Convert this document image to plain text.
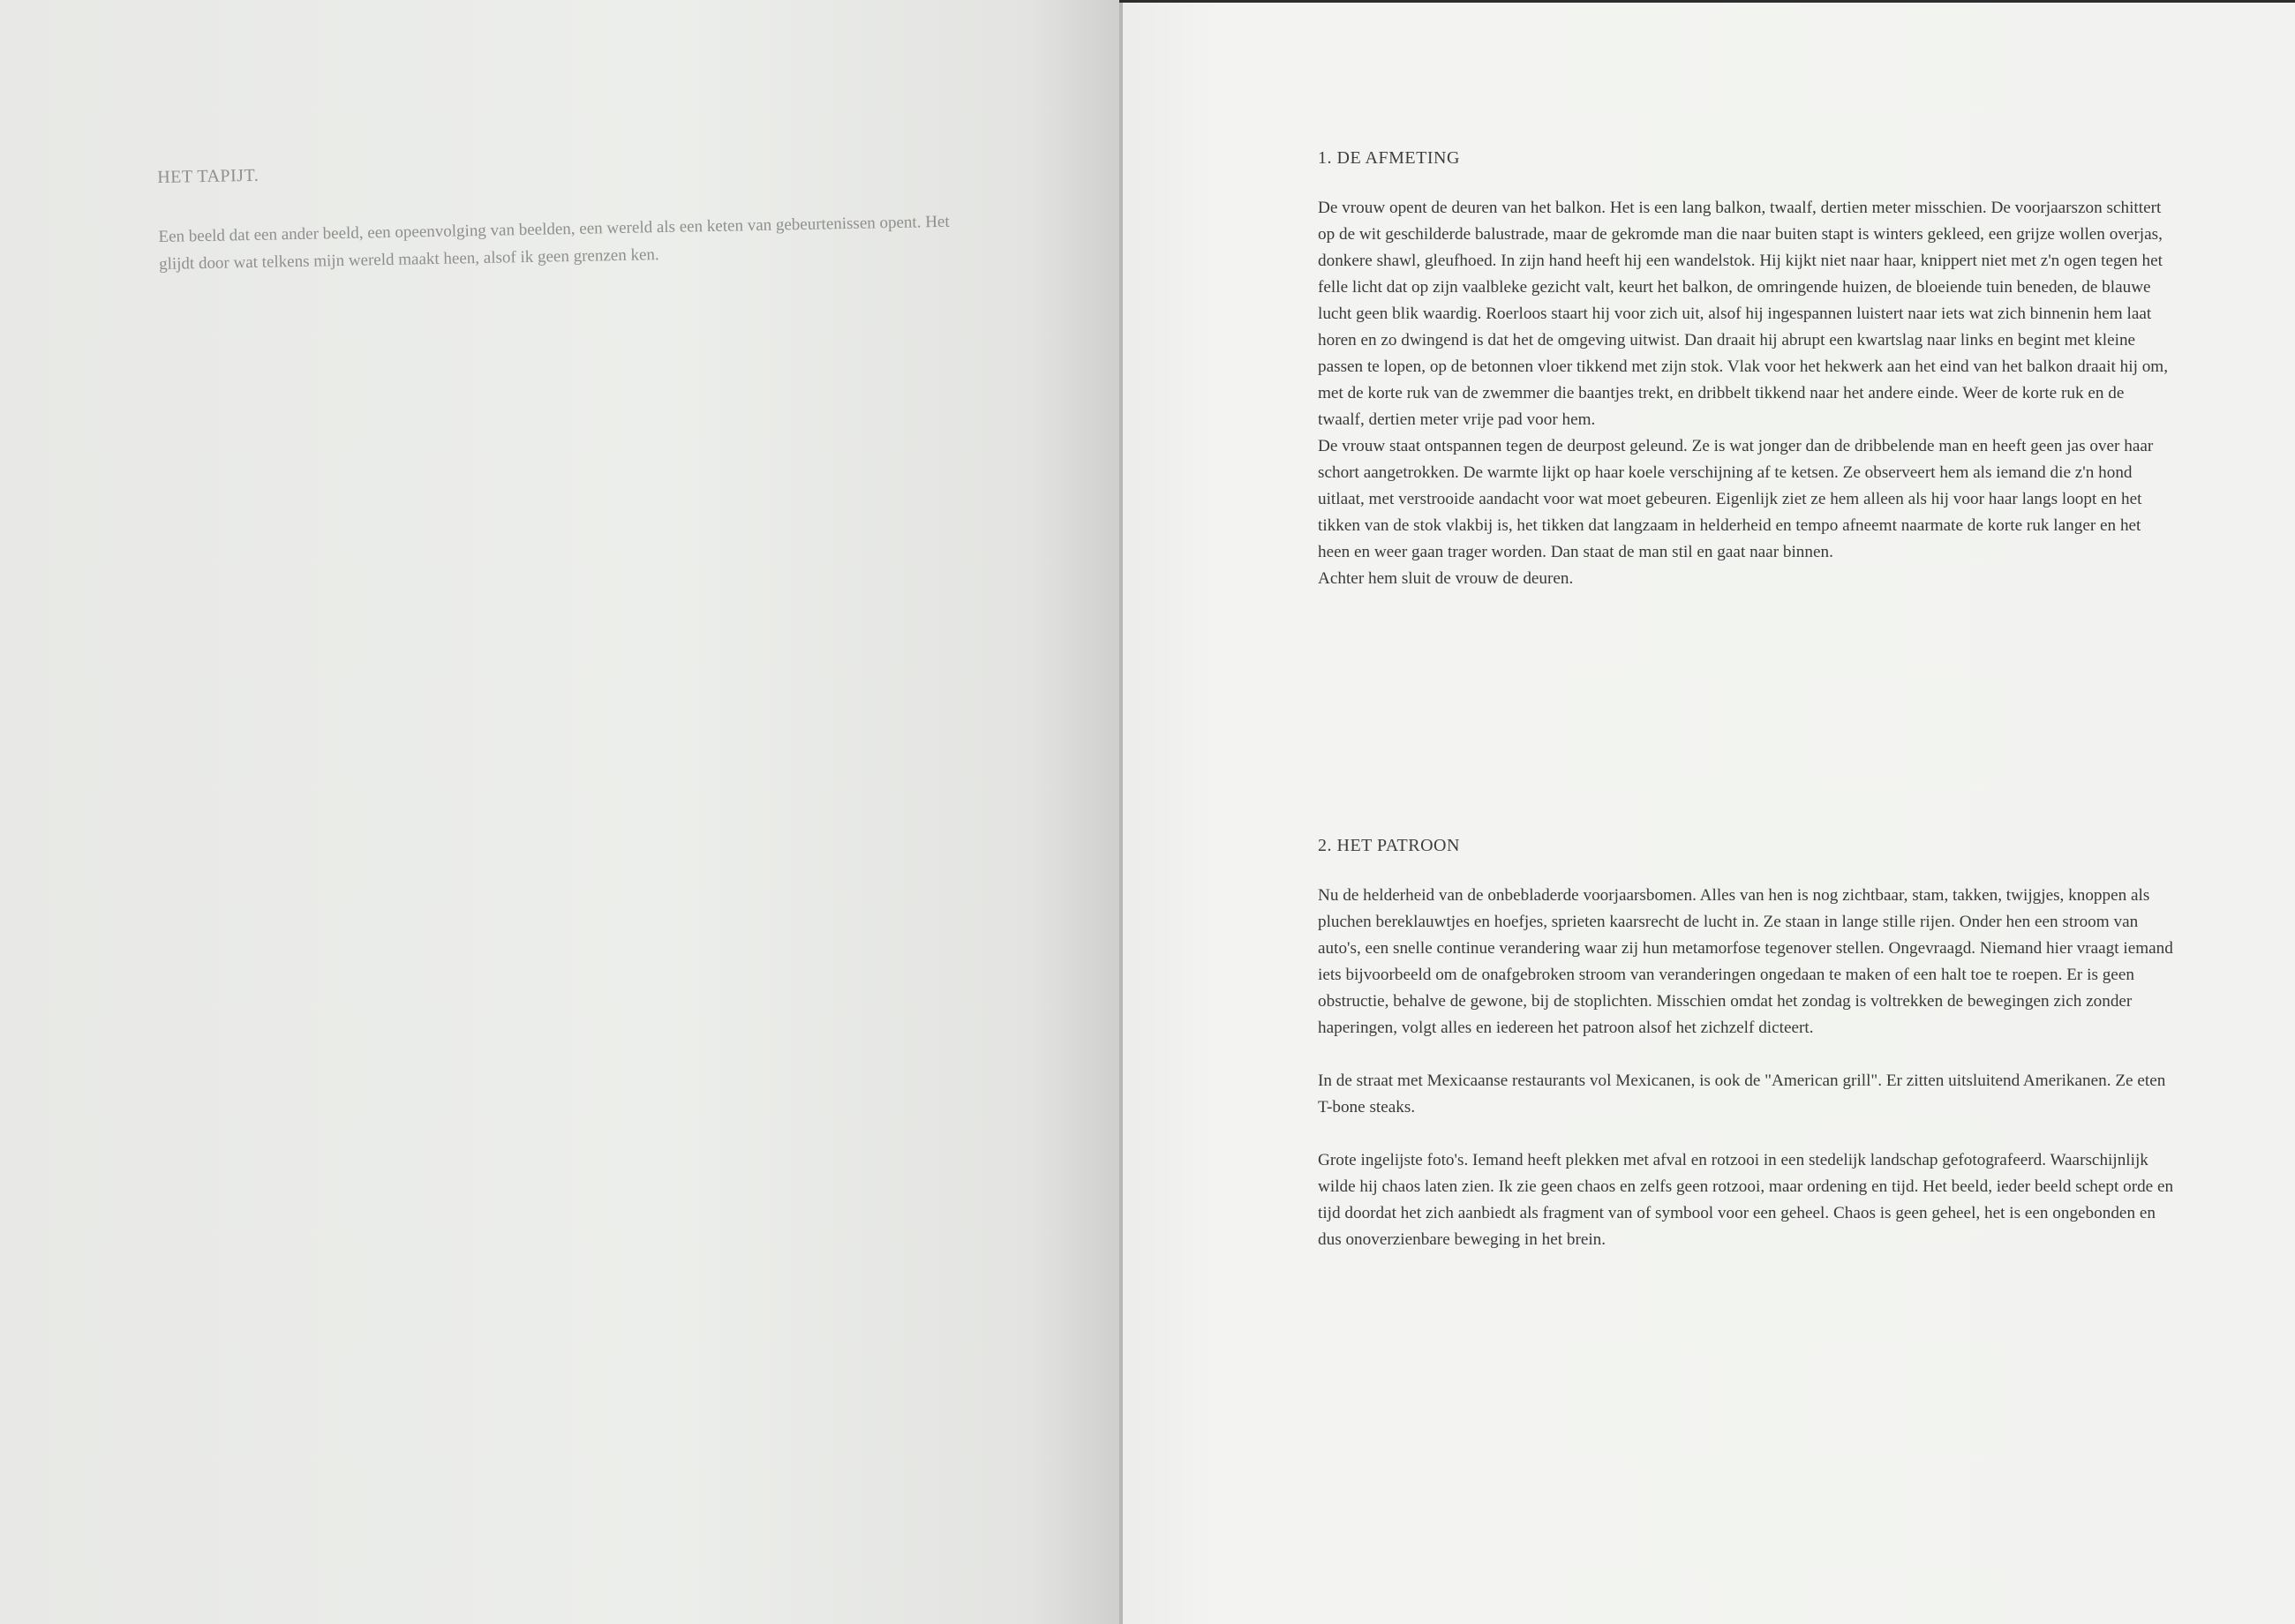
HET TAPIJT.

Een beeld dat een ander beeld, een opeenvolging van beelden, een wereld als een keten van gebeurtenissen opent. Het glijdt door wat telkens mijn wereld maakt heen, alsof ik geen grenzen ken.

1. DE AFMETING

De vrouw opent de deuren van het balkon. Het is een lang balkon, twaalf, dertien meter misschien. De voorjaarszon schittert op de wit geschilderde balustrade, maar de gekromde man die naar buiten stapt is winters gekleed, een grijze wollen overjas, donkere shawl, gleufhoed. In zijn hand heeft hij een wandelstok. Hij kijkt niet naar haar, knippert niet met z'n ogen tegen het felle licht dat op zijn vaalbleke gezicht valt, keurt het balkon, de omringende huizen, de bloeiende tuin beneden, de blauwe lucht geen blik waardig. Roerloos staart hij voor zich uit, alsof hij ingespannen luistert naar iets wat zich binnenin hem laat horen en zo dwingend is dat het de omgeving uitwist. Dan draait hij abrupt een kwartslag naar links en begint met kleine passen te lopen, op de betonnen vloer tikkend met zijn stok. Vlak voor het hekwerk aan het eind van het balkon draait hij om, met de korte ruk van de zwemmer die baantjes trekt, en dribbelt tikkend naar het andere einde. Weer de korte ruk en de twaalf, dertien meter vrije pad voor hem.
De vrouw staat ontspannen tegen de deurpost geleund. Ze is wat jonger dan de dribbelende man en heeft geen jas over haar schort aangetrokken. De warmte lijkt op haar koele verschijning af te ketsen. Ze observeert hem als iemand die z'n hond uitlaat, met verstrooide aandacht voor wat moet gebeuren. Eigenlijk ziet ze hem alleen als hij voor haar langs loopt en het tikken van de stok vlakbij is, het tikken dat langzaam in helderheid en tempo afneemt naarmate de korte ruk langer en het heen en weer gaan trager worden. Dan staat de man stil en gaat naar binnen.
Achter hem sluit de vrouw de deuren.

2. HET PATROON

Nu de helderheid van de onbebladerde voorjaarsbomen. Alles van hen is nog zichtbaar, stam, takken, twijgjes, knoppen als pluchen bereklauwtjes en hoefjes, sprieten kaarsrecht de lucht in. Ze staan in lange stille rijen. Onder hen een stroom van auto's, een snelle continue verandering waar zij hun metamorfose tegenover stellen. Ongevraagd. Niemand hier vraagt iemand iets bijvoorbeeld om de onafgebroken stroom van veranderingen ongedaan te maken of een halt toe te roepen. Er is geen obstructie, behalve de gewone, bij de stoplichten. Misschien omdat het zondag is voltrekken de bewegingen zich zonder haperingen, volgt alles en iedereen het patroon alsof het zichzelf dicteert.

In de straat met Mexicaanse restaurants vol Mexicanen, is ook de "American grill". Er zitten uitsluitend Amerikanen. Ze eten T-bone steaks.

Grote ingelijste foto's. Iemand heeft plekken met afval en rotzooi in een stedelijk landschap gefotografeerd. Waarschijnlijk wilde hij chaos laten zien. Ik zie geen chaos en zelfs geen rotzooi, maar ordening en tijd. Het beeld, ieder beeld schept orde en tijd doordat het zich aanbiedt als fragment van of symbool voor een geheel. Chaos is geen geheel, het is een ongebonden en dus onoverzienbare beweging in het brein.
